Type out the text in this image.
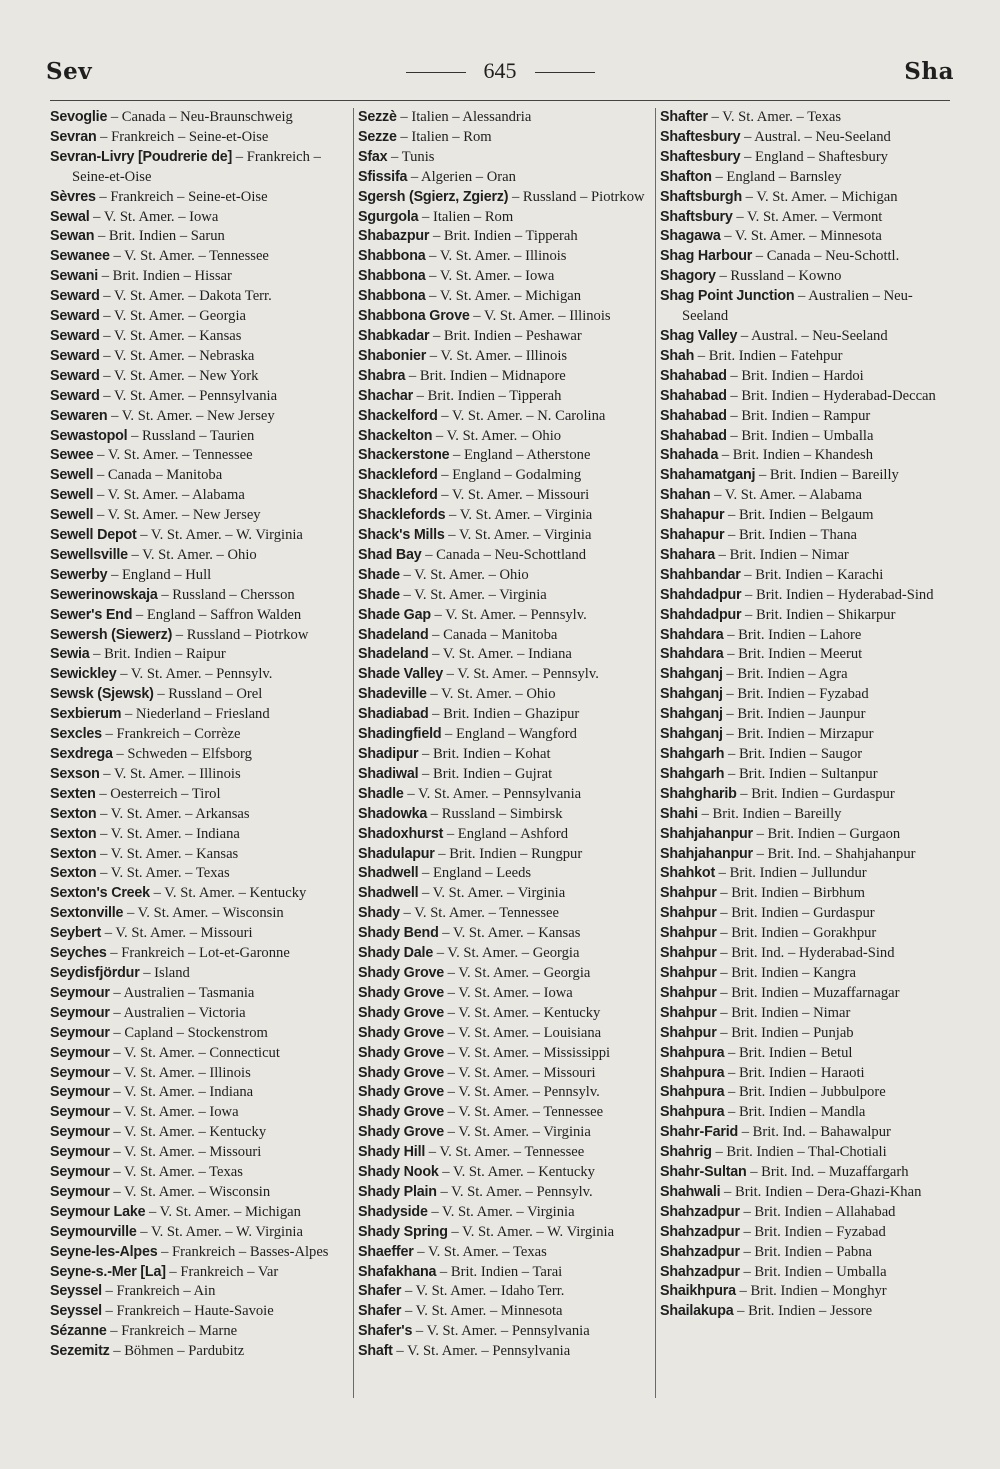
Sev	645	Sha
Sevoglie – Canada – Neu-Braunschweig
Sevran – Frankreich – Seine-et-Oise
Sevran-Livry [Poudrerie de] – Frankreich – Seine-et-Oise
Sèvres – Frankreich – Seine-et-Oise
Sewal – V. St. Amer. – Iowa
Sewan – Brit. Indien – Sarun
Sewanee – V. St. Amer. – Tennessee
Sewani – Brit. Indien – Hissar
Seward – V. St. Amer. – Dakota Terr.
Seward – V. St. Amer. – Georgia
Seward – V. St. Amer. – Kansas
Seward – V. St. Amer. – Nebraska
Seward – V. St. Amer. – New York
Seward – V. St. Amer. – Pennsylvania
Sewaren – V. St. Amer. – New Jersey
Sewastopol – Russland – Taurien
Sewee – V. St. Amer. – Tennessee
Sewell – Canada – Manitoba
Sewell – V. St. Amer. – Alabama
Sewell – V. St. Amer. – New Jersey
Sewell Depot – V. St. Amer. – W. Virginia
Sewellsville – V. St. Amer. – Ohio
Sewerby – England – Hull
Sewerinowskaja – Russland – Chersson
Sewer's End – England – Saffron Walden
Sewersh (Siewerz) – Russland – Piotrkow
Sewia – Brit. Indien – Raipur
Sewickley – V. St. Amer. – Pennsylv.
Sewsk (Sjewsk) – Russland – Orel
Sexbierum – Niederland – Friesland
Sexcles – Frankreich – Corrèze
Sexdrega – Schweden – Elfsborg
Sexson – V. St. Amer. – Illinois
Sexten – Oesterreich – Tirol
Sexton – V. St. Amer. – Arkansas
Sexton – V. St. Amer. – Indiana
Sexton – V. St. Amer. – Kansas
Sexton – V. St. Amer. – Texas
Sexton's Creek – V. St. Amer. – Kentucky
Sextonville – V. St. Amer. – Wisconsin
Seybert – V. St. Amer. – Missouri
Seyches – Frankreich – Lot-et-Garonne
Seydisfjördur – Island
Seymour – Australien – Tasmania
Seymour – Australien – Victoria
Seymour – Capland – Stockenstrom
Seymour – V. St. Amer. – Connecticut
Seymour – V. St. Amer. – Illinois
Seymour – V. St. Amer. – Indiana
Seymour – V. St. Amer. – Iowa
Seymour – V. St. Amer. – Kentucky
Seymour – V. St. Amer. – Missouri
Seymour – V. St. Amer. – Texas
Seymour – V. St. Amer. – Wisconsin
Seymour Lake – V. St. Amer. – Michigan
Seymourville – V. St. Amer. – W. Virginia
Seyne-les-Alpes – Frankreich – Basses-Alpes
Seyne-s.-Mer [La] – Frankreich – Var
Seyssel – Frankreich – Ain
Seyssel – Frankreich – Haute-Savoie
Sézanne – Frankreich – Marne
Sezemitz – Böhmen – Pardubitz
Sezzè – Italien – Alessandria
Sezze – Italien – Rom
Sfax – Tunis
Sfissifa – Algerien – Oran
Sgersh (Sgierz, Zgierz) – Russland – Piotrkow
Sgurgola – Italien – Rom
Shabazpur – Brit. Indien – Tipperah
Shabbona – V. St. Amer. – Illinois
Shabbona – V. St. Amer. – Iowa
Shabbona – V. St. Amer. – Michigan
Shabbona Grove – V. St. Amer. – Illinois
Shabkadar – Brit. Indien – Peshawar
Shabonier – V. St. Amer. – Illinois
Shabra – Brit. Indien – Midnapore
Shachar – Brit. Indien – Tipperah
Shackelford – V. St. Amer. – N. Carolina
Shackelton – V. St. Amer. – Ohio
Shackerstone – England – Atherstone
Shackleford – England – Godalming
Shackleford – V. St. Amer. – Missouri
Shacklefords – V. St. Amer. – Virginia
Shack's Mills – V. St. Amer. – Virginia
Shad Bay – Canada – Neu-Schottland
Shade – V. St. Amer. – Ohio
Shade – V. St. Amer. – Virginia
Shade Gap – V. St. Amer. – Pennsylv.
Shadeland – Canada – Manitoba
Shadeland – V. St. Amer. – Indiana
Shade Valley – V. St. Amer. – Pennsylv.
Shadeville – V. St. Amer. – Ohio
Shadiabad – Brit. Indien – Ghazipur
Shadingfield – England – Wangford
Shadipur – Brit. Indien – Kohat
Shadiwal – Brit. Indien – Gujrat
Shadle – V. St. Amer. – Pennsylvania
Shadowka – Russland – Simbirsk
Shadoxhurst – England – Ashford
Shadulapur – Brit. Indien – Rungpur
Shadwell – England – Leeds
Shadwell – V. St. Amer. – Virginia
Shady – V. St. Amer. – Tennessee
Shady Bend – V. St. Amer. – Kansas
Shady Dale – V. St. Amer. – Georgia
Shady Grove – V. St. Amer. – Georgia
Shady Grove – V. St. Amer. – Iowa
Shady Grove – V. St. Amer. – Kentucky
Shady Grove – V. St. Amer. – Louisiana
Shady Grove – V. St. Amer. – Mississippi
Shady Grove – V. St. Amer. – Missouri
Shady Grove – V. St. Amer. – Pennsylv.
Shady Grove – V. St. Amer. – Tennessee
Shady Grove – V. St. Amer. – Virginia
Shady Hill – V. St. Amer. – Tennessee
Shady Nook – V. St. Amer. – Kentucky
Shady Plain – V. St. Amer. – Pennsylv.
Shadyside – V. St. Amer. – Virginia
Shady Spring – V. St. Amer. – W. Virginia
Shaeffer – V. St. Amer. – Texas
Shafakhana – Brit. Indien – Tarai
Shafer – V. St. Amer. – Idaho Terr.
Shafer – V. St. Amer. – Minnesota
Shafer's – V. St. Amer. – Pennsylvania
Shaft – V. St. Amer. – Pennsylvania
Shafter – V. St. Amer. – Texas
Shaftesbury – Austral. – Neu-Seeland
Shaftesbury – England – Shaftesbury
Shafton – England – Barnsley
Shaftsburgh – V. St. Amer. – Michigan
Shaftsbury – V. St. Amer. – Vermont
Shagawa – V. St. Amer. – Minnesota
Shag Harbour – Canada – Neu-Schottl.
Shagory – Russland – Kowno
Shag Point Junction – Australien – Neu-Seeland
Shag Valley – Austral. – Neu-Seeland
Shah – Brit. Indien – Fatehpur
Shahabad – Brit. Indien – Hardoi
Shahabad – Brit. Indien – Hyderabad-Deccan
Shahabad – Brit. Indien – Rampur
Shahabad – Brit. Indien – Umballa
Shahada – Brit. Indien – Khandesh
Shahamatganj – Brit. Indien – Bareilly
Shahan – V. St. Amer. – Alabama
Shahapur – Brit. Indien – Belgaum
Shahapur – Brit. Indien – Thana
Shahara – Brit. Indien – Nimar
Shahbandar – Brit. Indien – Karachi
Shahdadpur – Brit. Indien – Hyderabad-Sind
Shahdadpur – Brit. Indien – Shikarpur
Shahdara – Brit. Indien – Lahore
Shahdara – Brit. Indien – Meerut
Shahganj – Brit. Indien – Agra
Shahganj – Brit. Indien – Fyzabad
Shahganj – Brit. Indien – Jaunpur
Shahganj – Brit. Indien – Mirzapur
Shahgarh – Brit. Indien – Saugor
Shahgarh – Brit. Indien – Sultanpur
Shahgharib – Brit. Indien – Gurdaspur
Shahi – Brit. Indien – Bareilly
Shahjahanpur – Brit. Indien – Gurgaon
Shahjahanpur – Brit. Ind. – Shahjahanpur
Shahkot – Brit. Indien – Jullundur
Shahpur – Brit. Indien – Birbhum
Shahpur – Brit. Indien – Gurdaspur
Shahpur – Brit. Indien – Gorakhpur
Shahpur – Brit. Ind. – Hyderabad-Sind
Shahpur – Brit. Indien – Kangra
Shahpur – Brit. Indien – Muzaffarnagar
Shahpur – Brit. Indien – Nimar
Shahpur – Brit. Indien – Punjab
Shahpura – Brit. Indien – Betul
Shahpura – Brit. Indien – Haraoti
Shahpura – Brit. Indien – Jubbulpore
Shahpura – Brit. Indien – Mandla
Shahr-Farid – Brit. Ind. – Bahawalpur
Shahrig – Brit. Indien – Thal-Chotiali
Shahr-Sultan – Brit. Ind. – Muzaffargarh
Shahwali – Brit. Indien – Dera-Ghazi-Khan
Shahzadpur – Brit. Indien – Allahabad
Shahzadpur – Brit. Indien – Fyzabad
Shahzadpur – Brit. Indien – Pabna
Shahzadpur – Brit. Indien – Umballa
Shaikhpura – Brit. Indien – Monghyr
Shailakupa – Brit. Indien – Jessore
